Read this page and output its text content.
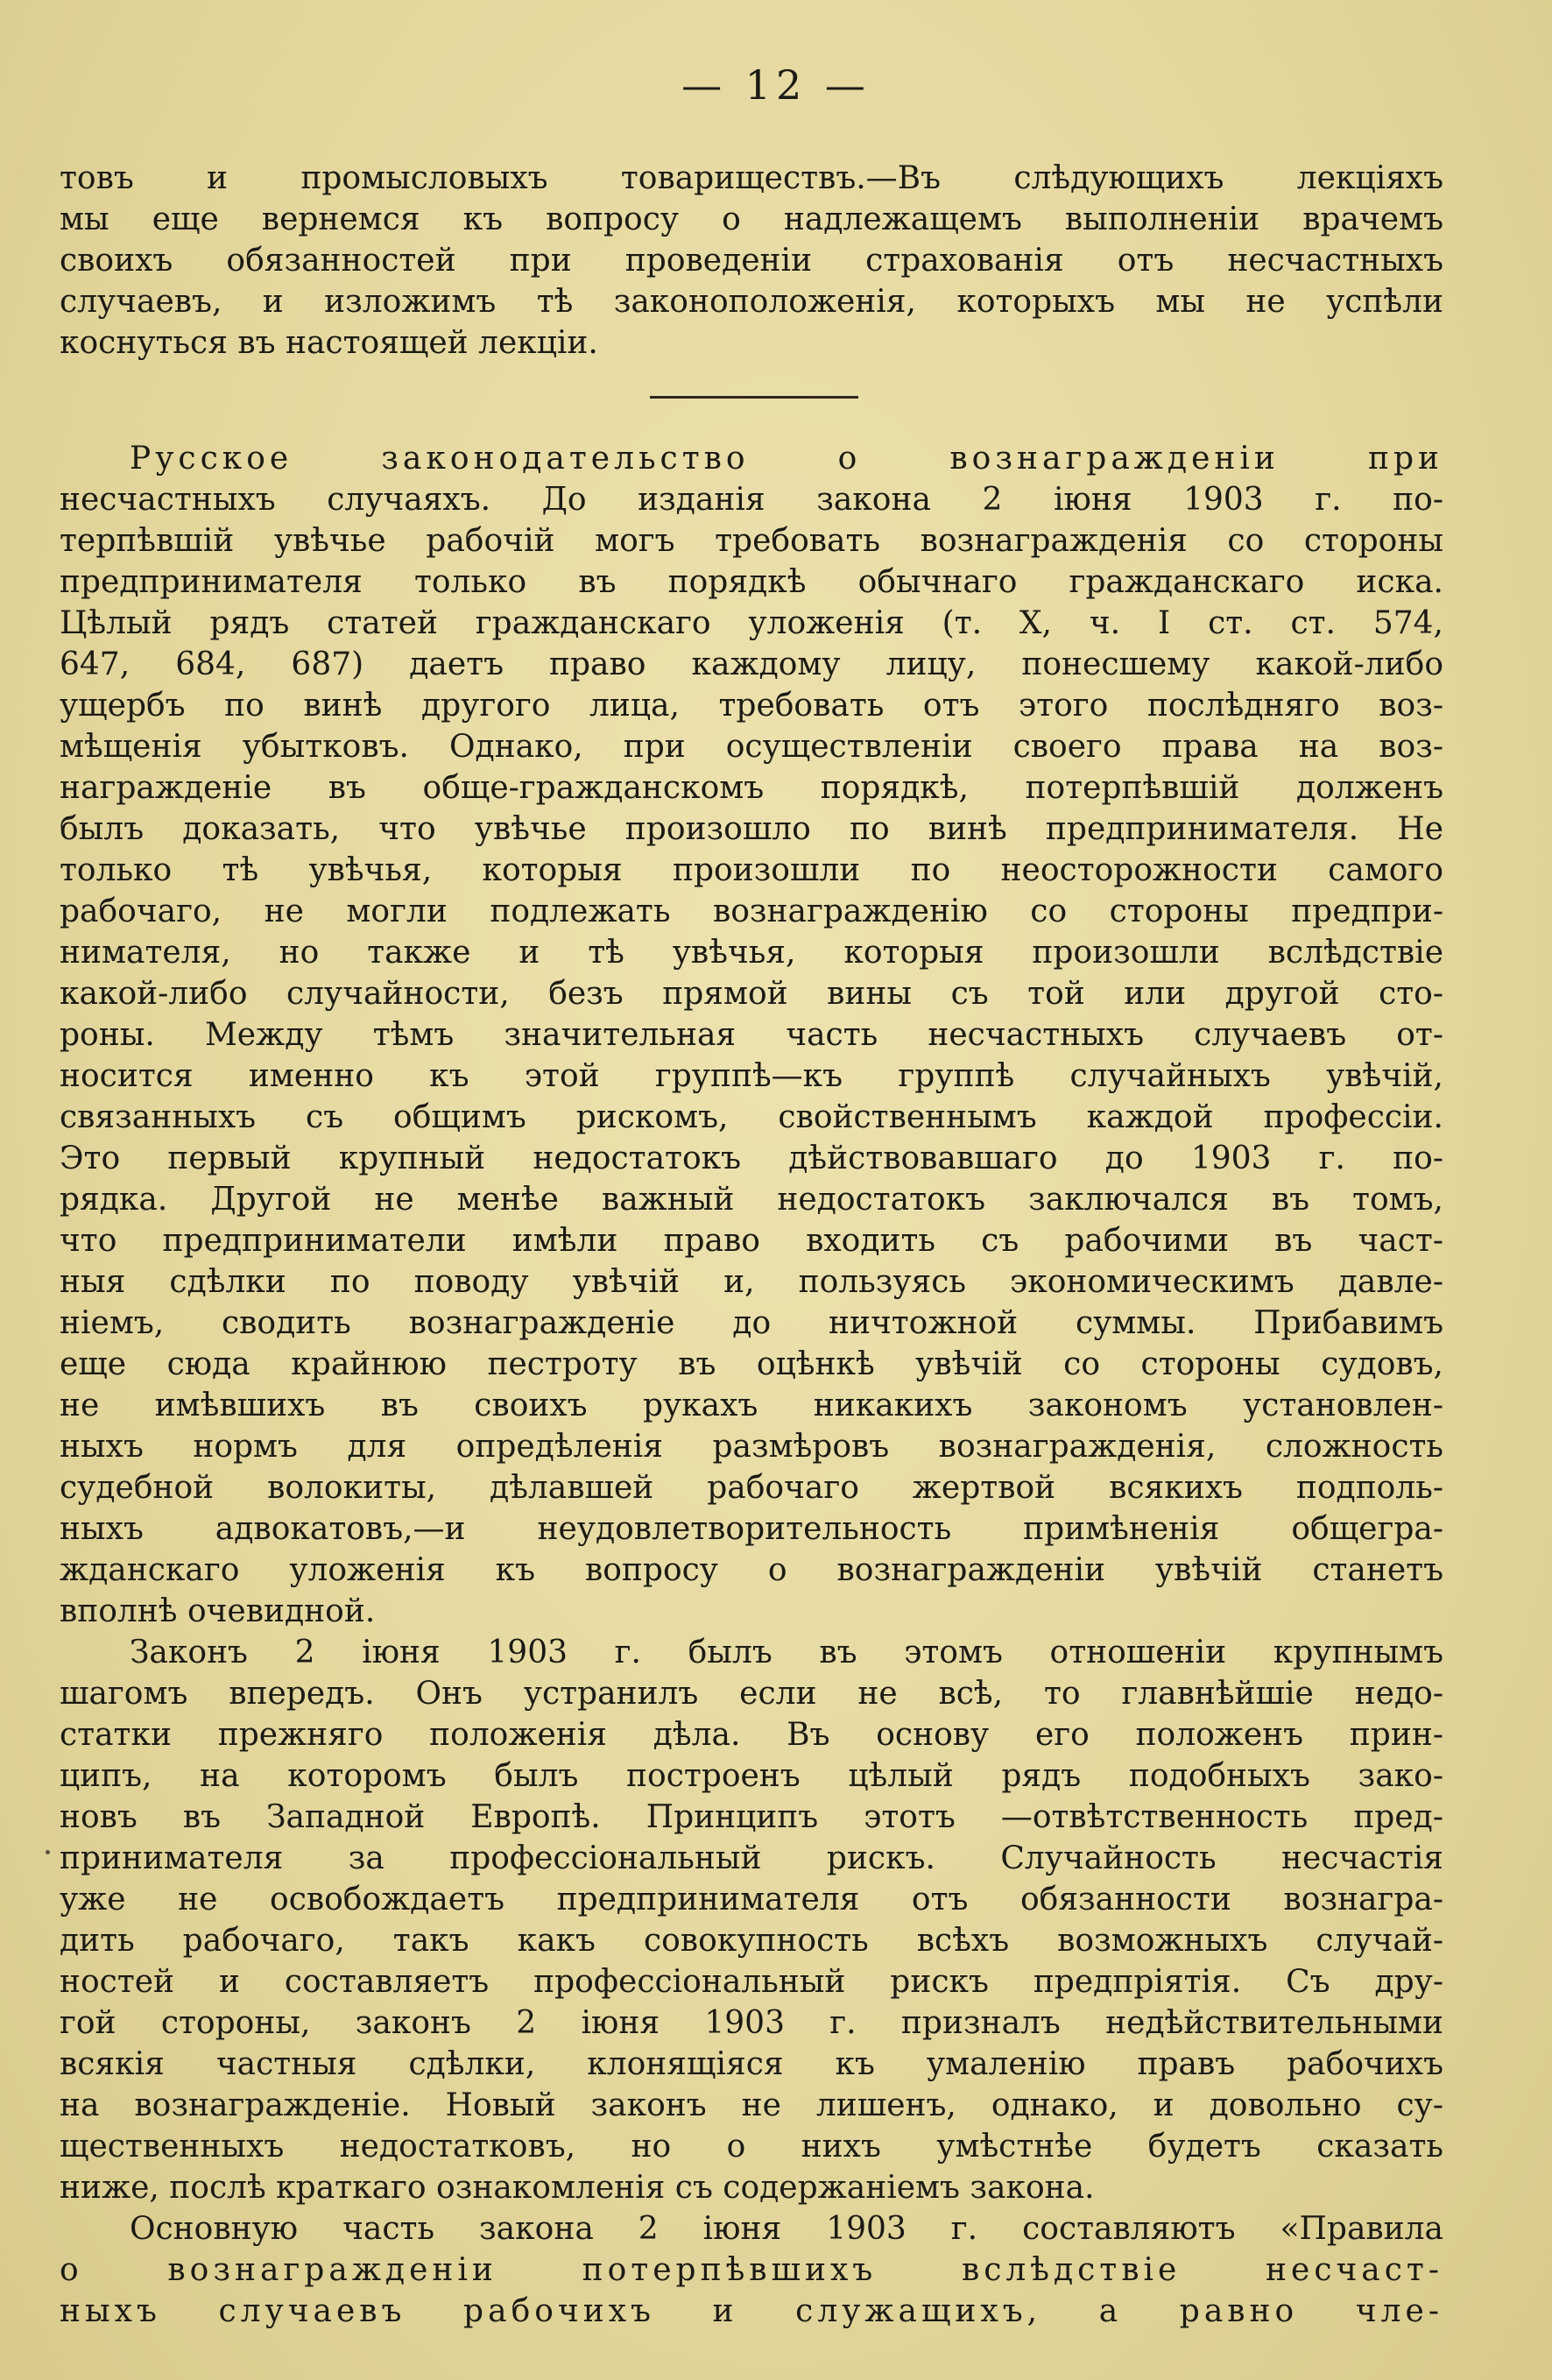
— 12 —
товъ и промысловыхъ товариществъ.—Въ слѣдующихъ лекціяхъ
мы еще вернемся къ вопросу о надлежащемъ выполненіи врачемъ
своихъ обязанностей при проведеніи страхованія отъ несчастныхъ
случаевъ, и изложимъ тѣ законоположенія, которыхъ мы не успѣли
коснуться въ настоящей лекціи.
Русское законодательство о вознагражденіи при
несчастныхъ случаяхъ. До изданія закона 2 іюня 1903 г. по-
терпѣвшій увѣчье рабочій могъ требовать вознагражденія со стороны
предпринимателя только въ порядкѣ обычнаго гражданскаго иска.
Цѣлый рядъ статей гражданскаго уложенія (т. X, ч. I ст. ст. 574,
647, 684, 687) даетъ право каждому лицу, понесшему какой-либо
ущербъ по винѣ другого лица, требовать отъ этого послѣдняго воз-
мѣщенія убытковъ. Однако, при осуществленіи своего права на воз-
награжденіе въ обще-гражданскомъ порядкѣ, потерпѣвшій долженъ
былъ доказать, что увѣчье произошло по винѣ предпринимателя. Не
только тѣ увѣчья, которыя произошли по неосторожности самого
рабочаго, не могли подлежать вознагражденію со стороны предпри-
нимателя, но также и тѣ увѣчья, которыя произошли вслѣдствіе
какой-либо случайности, безъ прямой вины съ той или другой сто-
роны. Между тѣмъ значительная часть несчастныхъ случаевъ от-
носится именно къ этой группѣ—къ группѣ случайныхъ увѣчій,
связанныхъ съ общимъ рискомъ, свойственнымъ каждой профессіи.
Это первый крупный недостатокъ дѣйствовавшаго до 1903 г. по-
рядка. Другой не менѣе важный недостатокъ заключался въ томъ,
что предприниматели имѣли право входить съ рабочими въ част-
ныя сдѣлки по поводу увѣчій и, пользуясь экономическимъ давле-
ніемъ, сводить вознагражденіе до ничтожной суммы. Прибавимъ
еще сюда крайнюю пестроту въ оцѣнкѣ увѣчій со стороны судовъ,
не имѣвшихъ въ своихъ рукахъ никакихъ закономъ установлен-
ныхъ нормъ для опредѣленія размѣровъ вознагражденія, сложность
судебной волокиты, дѣлавшей рабочаго жертвой всякихъ подполь-
ныхъ адвокатовъ,—и неудовлетворительность примѣненія общегра-
жданскаго уложенія къ вопросу о вознагражденіи увѣчій станетъ
вполнѣ очевидной.
Законъ 2 іюня 1903 г. былъ въ этомъ отношеніи крупнымъ
шагомъ впередъ. Онъ устранилъ если не всѣ, то главнѣйшіе недо-
статки прежняго положенія дѣла. Въ основу его положенъ прин-
ципъ, на которомъ былъ построенъ цѣлый рядъ подобныхъ зако-
новъ въ Западной Европѣ. Принципъ этотъ —отвѣтственность пред-
принимателя за профессіональный рискъ. Случайность несчастія
уже не освобождаетъ предпринимателя отъ обязанности вознагра-
дить рабочаго, такъ какъ совокупность всѣхъ возможныхъ случай-
ностей и составляетъ профессіональный рискъ предпріятія. Съ дру-
гой стороны, законъ 2 іюня 1903 г. призналъ недѣйствительными
всякія частныя сдѣлки, клонящіяся къ умаленію правъ рабочихъ
на вознагражденіе. Новый законъ не лишенъ, однако, и довольно су-
щественныхъ недостатковъ, но о нихъ умѣстнѣе будетъ сказать
ниже, послѣ краткаго ознакомленія съ содержаніемъ закона.
Основную часть закона 2 іюня 1903 г. составляютъ «Правила
о вознагражденіи потерпѣвшихъ вслѣдствіе несчаст-
ныхъ случаевъ рабочихъ и служащихъ, а равно чле-
